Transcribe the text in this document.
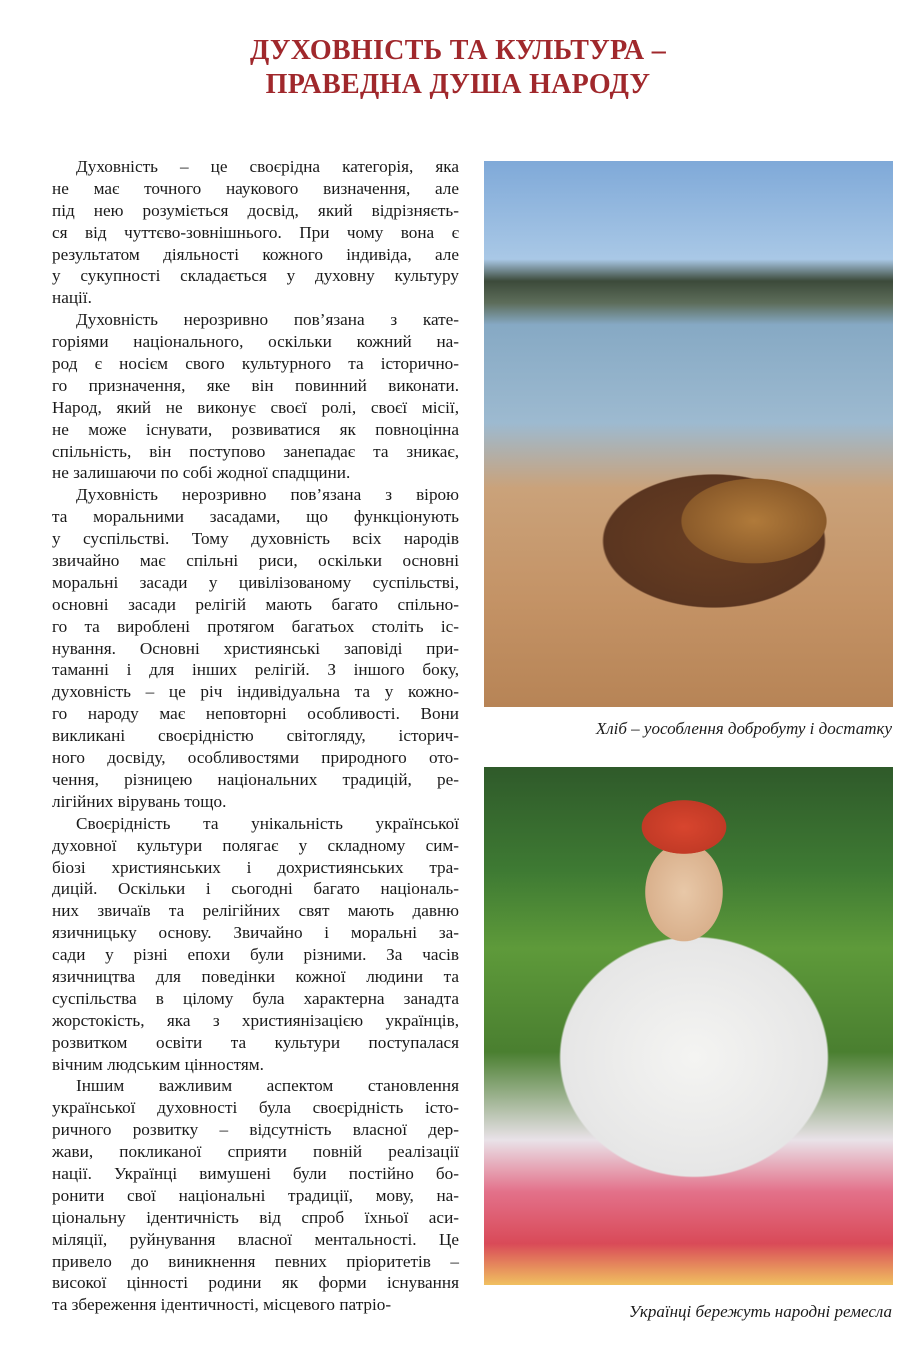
ДУХОВНІСТЬ ТА КУЛЬТУРА –
ПРАВЕДНА ДУША НАРОДУ
Духовність – це своєрідна категорія, яка
не має точного наукового визначення, але
під нею розуміється досвід, який відрізняєть-
ся від чуттєво-зовнішнього. При чому вона є
результатом діяльності кожного індивіда, але
у сукупності складається у духовну культуру
нації.
Духовність нерозривно пов’язана з кате-
горіями національного, оскільки кожний на-
род є носієм свого культурного та історично-
го призначення, яке він повинний виконати.
Народ, який не виконує своєї ролі, своєї місії,
не може існувати, розвиватися як повноцінна
спільність, він поступово занепадає та зникає,
не залишаючи по собі жодної спадщини.
Духовність нерозривно пов’язана з вірою
та моральними засадами, що функціонують
у суспільстві. Тому духовність всіх народів
звичайно має спільні риси, оскільки основні
моральні засади у цивілізованому суспільстві,
основні засади релігій мають багато спільно-
го та вироблені протягом багатьох століть іс-
нування. Основні християнські заповіді при-
таманні і для інших релігій. З іншого боку,
духовність – це річ індивідуальна та у кожно-
го народу має неповторні особливості. Вони
викликані своєрідністю світогляду, історич-
ного досвіду, особливостями природного ото-
чення, різницею національних традицій, ре-
лігійних вірувань тощо.
Своєрідність та унікальність української
духовної культури полягає у складному сим-
біозі християнських і дохристиянських тра-
дицій. Оскільки і сьогодні багато національ-
них звичаїв та релігійних свят мають давню
язичницьку основу. Звичайно і моральні за-
сади у різні епохи були різними. За часів
язичництва для поведінки кожної людини та
суспільства в цілому була характерна занадта
жорстокість, яка з християнізацією українців,
розвитком освіти та культури поступалася
вічним людським цінностям.
Іншим важливим аспектом становлення
української духовності була своєрідність істо-
ричного розвитку – відсутність власної дер-
жави, покликаної сприяти повній реалізації
нації. Українці вимушені були постійно бо-
ронити свої національні традиції, мову, на-
ціональну ідентичність від спроб їхньої аси-
міляції, руйнування власної ментальності. Це
привело до виникнення певних пріоритетів –
високої цінності родини як форми існування
та збереження ідентичності, місцевого патріо-
Хліб – уособлення добробуту і достатку
Українці бережуть народні ремесла
